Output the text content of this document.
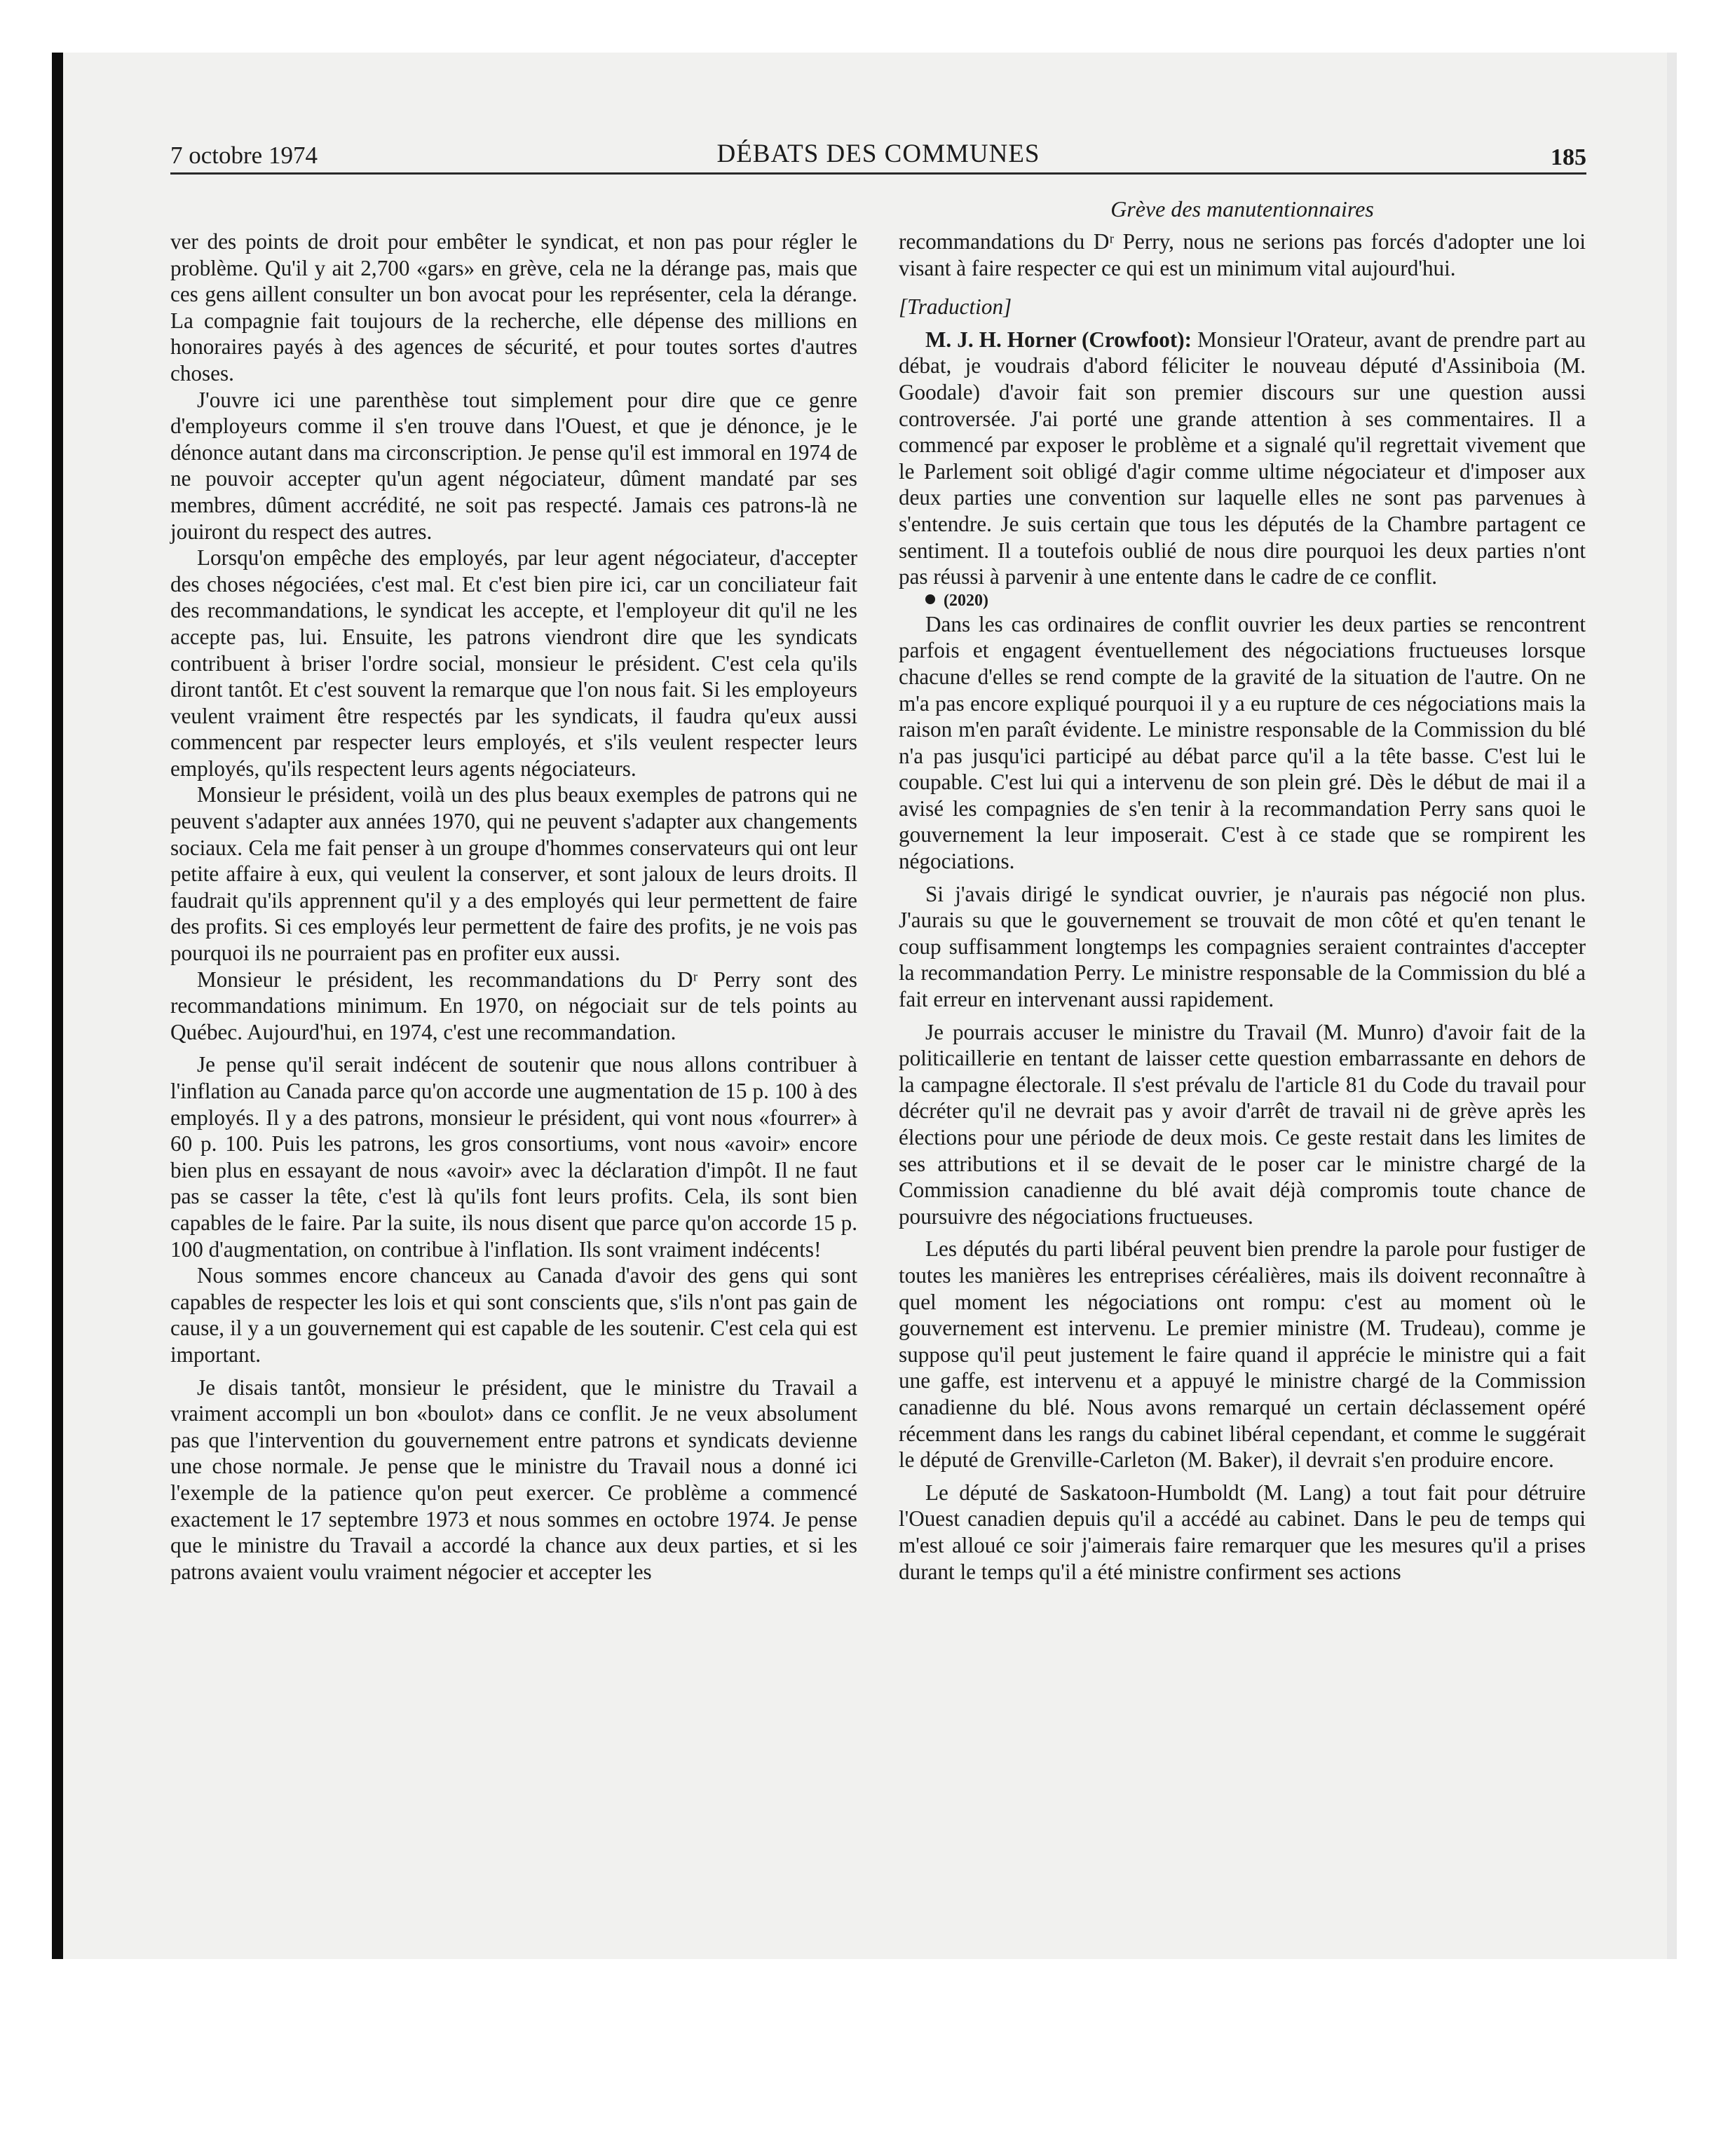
7 octobre 1974	DÉBATS DES COMMUNES	185
Grève des manutentionnaires

ver des points de droit pour embêter le syndicat, et non pas pour régler le problème. Qu'il y ait 2,700 «gars» en grève, cela ne la dérange pas, mais que ces gens aillent consulter un bon avocat pour les représenter, cela la dérange. La compagnie fait toujours de la recherche, elle dépense des millions en honoraires payés à des agences de sécurité, et pour toutes sortes d'autres choses.

J'ouvre ici une parenthèse tout simplement pour dire que ce genre d'employeurs comme il s'en trouve dans l'Ouest, et que je dénonce, je le dénonce autant dans ma circonscription. Je pense qu'il est immoral en 1974 de ne pouvoir accepter qu'un agent négociateur, dûment mandaté par ses membres, dûment accrédité, ne soit pas respecté. Jamais ces patrons-là ne jouiront du respect des autres.

Lorsqu'on empêche des employés, par leur agent négociateur, d'accepter des choses négociées, c'est mal. Et c'est bien pire ici, car un conciliateur fait des recommandations, le syndicat les accepte, et l'employeur dit qu'il ne les accepte pas, lui. Ensuite, les patrons viendront dire que les syndicats contribuent à briser l'ordre social, monsieur le président. C'est cela qu'ils diront tantôt. Et c'est souvent la remarque que l'on nous fait. Si les employeurs veulent vraiment être respectés par les syndicats, il faudra qu'eux aussi commencent par respecter leurs employés, et s'ils veulent respecter leurs employés, qu'ils respectent leurs agents négociateurs.

Monsieur le président, voilà un des plus beaux exemples de patrons qui ne peuvent s'adapter aux années 1970, qui ne peuvent s'adapter aux changements sociaux. Cela me fait penser à un groupe d'hommes conservateurs qui ont leur petite affaire à eux, qui veulent la conserver, et sont jaloux de leurs droits. Il faudrait qu'ils apprennent qu'il y a des employés qui leur permettent de faire des profits. Si ces employés leur permettent de faire des profits, je ne vois pas pourquoi ils ne pourraient pas en profiter eux aussi.

Monsieur le président, les recommandations du Dʳ Perry sont des recommandations minimum. En 1970, on négociait sur de tels points au Québec. Aujourd'hui, en 1974, c'est une recommandation.

Je pense qu'il serait indécent de soutenir que nous allons contribuer à l'inflation au Canada parce qu'on accorde une augmentation de 15 p. 100 à des employés. Il y a des patrons, monsieur le président, qui vont nous «fourrer» à 60 p. 100. Puis les patrons, les gros consortiums, vont nous «avoir» encore bien plus en essayant de nous «avoir» avec la déclaration d'impôt. Il ne faut pas se casser la tête, c'est là qu'ils font leurs profits. Cela, ils sont bien capables de le faire. Par la suite, ils nous disent que parce qu'on accorde 15 p. 100 d'augmentation, on contribue à l'inflation. Ils sont vraiment indécents!

Nous sommes encore chanceux au Canada d'avoir des gens qui sont capables de respecter les lois et qui sont conscients que, s'ils n'ont pas gain de cause, il y a un gouvernement qui est capable de les soutenir. C'est cela qui est important.

Je disais tantôt, monsieur le président, que le ministre du Travail a vraiment accompli un bon «boulot» dans ce conflit. Je ne veux absolument pas que l'intervention du gouvernement entre patrons et syndicats devienne une chose normale. Je pense que le ministre du Travail nous a donné ici l'exemple de la patience qu'on peut exercer. Ce problème a commencé exactement le 17 septembre 1973 et nous sommes en octobre 1974. Je pense que le ministre du Travail a accordé la chance aux deux parties, et si les patrons avaient voulu vraiment négocier et accepter les

recommandations du Dʳ Perry, nous ne serions pas forcés d'adopter une loi visant à faire respecter ce qui est un minimum vital aujourd'hui.

[Traduction]

M. J. H. Horner (Crowfoot): Monsieur l'Orateur, avant de prendre part au débat, je voudrais d'abord féliciter le nouveau député d'Assiniboia (M. Goodale) d'avoir fait son premier discours sur une question aussi controversée. J'ai porté une grande attention à ses commentaires. Il a commencé par exposer le problème et a signalé qu'il regrettait vivement que le Parlement soit obligé d'agir comme ultime négociateur et d'imposer aux deux parties une convention sur laquelle elles ne sont pas parvenues à s'entendre. Je suis certain que tous les députés de la Chambre partagent ce sentiment. Il a toutefois oublié de nous dire pourquoi les deux parties n'ont pas réussi à parvenir à une entente dans le cadre de ce conflit.

(2020)

Dans les cas ordinaires de conflit ouvrier les deux parties se rencontrent parfois et engagent éventuellement des négociations fructueuses lorsque chacune d'elles se rend compte de la gravité de la situation de l'autre. On ne m'a pas encore expliqué pourquoi il y a eu rupture de ces négociations mais la raison m'en paraît évidente. Le ministre responsable de la Commission du blé n'a pas jusqu'ici participé au débat parce qu'il a la tête basse. C'est lui le coupable. C'est lui qui a intervenu de son plein gré. Dès le début de mai il a avisé les compagnies de s'en tenir à la recommandation Perry sans quoi le gouvernement la leur imposerait. C'est à ce stade que se rompirent les négociations.

Si j'avais dirigé le syndicat ouvrier, je n'aurais pas négocié non plus. J'aurais su que le gouvernement se trouvait de mon côté et qu'en tenant le coup suffisamment longtemps les compagnies seraient contraintes d'accepter la recommandation Perry. Le ministre responsable de la Commission du blé a fait erreur en intervenant aussi rapidement.

Je pourrais accuser le ministre du Travail (M. Munro) d'avoir fait de la politicaillerie en tentant de laisser cette question embarrassante en dehors de la campagne électorale. Il s'est prévalu de l'article 81 du Code du travail pour décréter qu'il ne devrait pas y avoir d'arrêt de travail ni de grève après les élections pour une période de deux mois. Ce geste restait dans les limites de ses attributions et il se devait de le poser car le ministre chargé de la Commission canadienne du blé avait déjà compromis toute chance de poursuivre des négociations fructueuses.

Les députés du parti libéral peuvent bien prendre la parole pour fustiger de toutes les manières les entreprises céréalières, mais ils doivent reconnaître à quel moment les négociations ont rompu: c'est au moment où le gouvernement est intervenu. Le premier ministre (M. Trudeau), comme je suppose qu'il peut justement le faire quand il apprécie le ministre qui a fait une gaffe, est intervenu et a appuyé le ministre chargé de la Commission canadienne du blé. Nous avons remarqué un certain déclassement opéré récemment dans les rangs du cabinet libéral cependant, et comme le suggérait le député de Grenville-Carleton (M. Baker), il devrait s'en produire encore.

Le député de Saskatoon-Humboldt (M. Lang) a tout fait pour détruire l'Ouest canadien depuis qu'il a accédé au cabinet. Dans le peu de temps qui m'est alloué ce soir j'aimerais faire remarquer que les mesures qu'il a prises durant le temps qu'il a été ministre confirment ses actions
